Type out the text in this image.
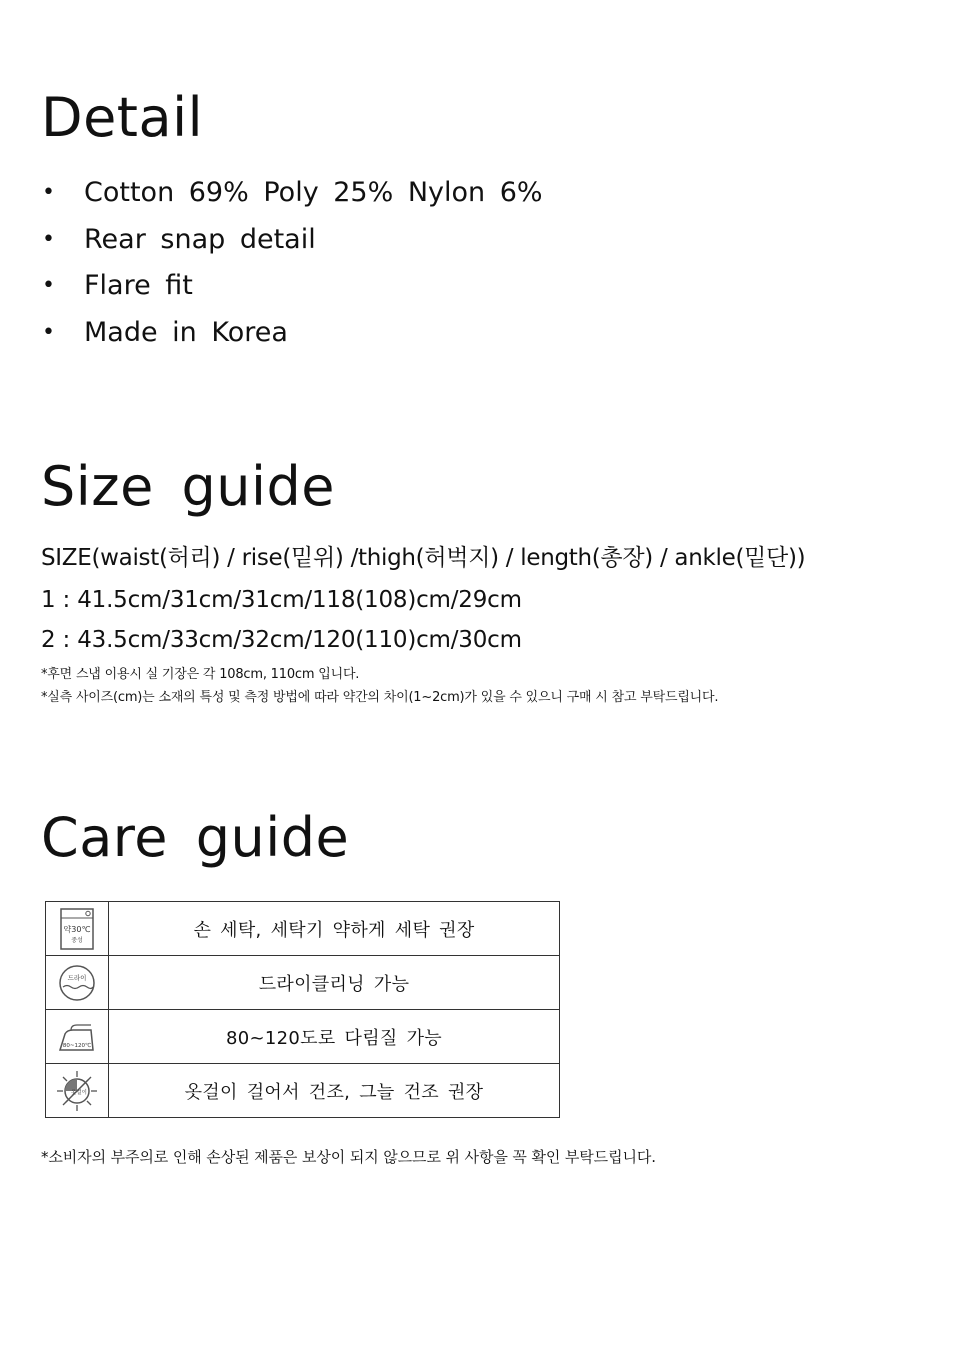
Detail
• Cotton 69% Poly 25% Nylon 6%
• Rear snap detail
• Flare fit
• Made in Korea
Size guide
SIZE(waist(허리) / rise(밑위) /thigh(허벅지) / length(총장) / ankle(밑단))
1 : 41.5cm/31cm/31cm/118(108)cm/29cm
2 : 43.5cm/33cm/32cm/120(110)cm/30cm
*후면 스냅 이용시 실 기장은 각 108cm, 110cm 입니다.
*실측 사이즈(cm)는 소재의 특성 및 측정 방법에 따라 약간의 차이(1~2cm)가 있을 수 있으니 구매 시 참고 부탁드립니다.
Care guide
약30℃
중성	손 세탁, 세탁기 약하게 세탁 권장

드라이	드라이클리닝 가능

80~120℃	80~120도로 다림질 가능

옷걸이	옷걸이 걸어서 건조, 그늘 건조 권장
*소비자의 부주의로 인해 손상된 제품은 보상이 되지 않으므로 위 사항을 꼭 확인 부탁드립니다.
